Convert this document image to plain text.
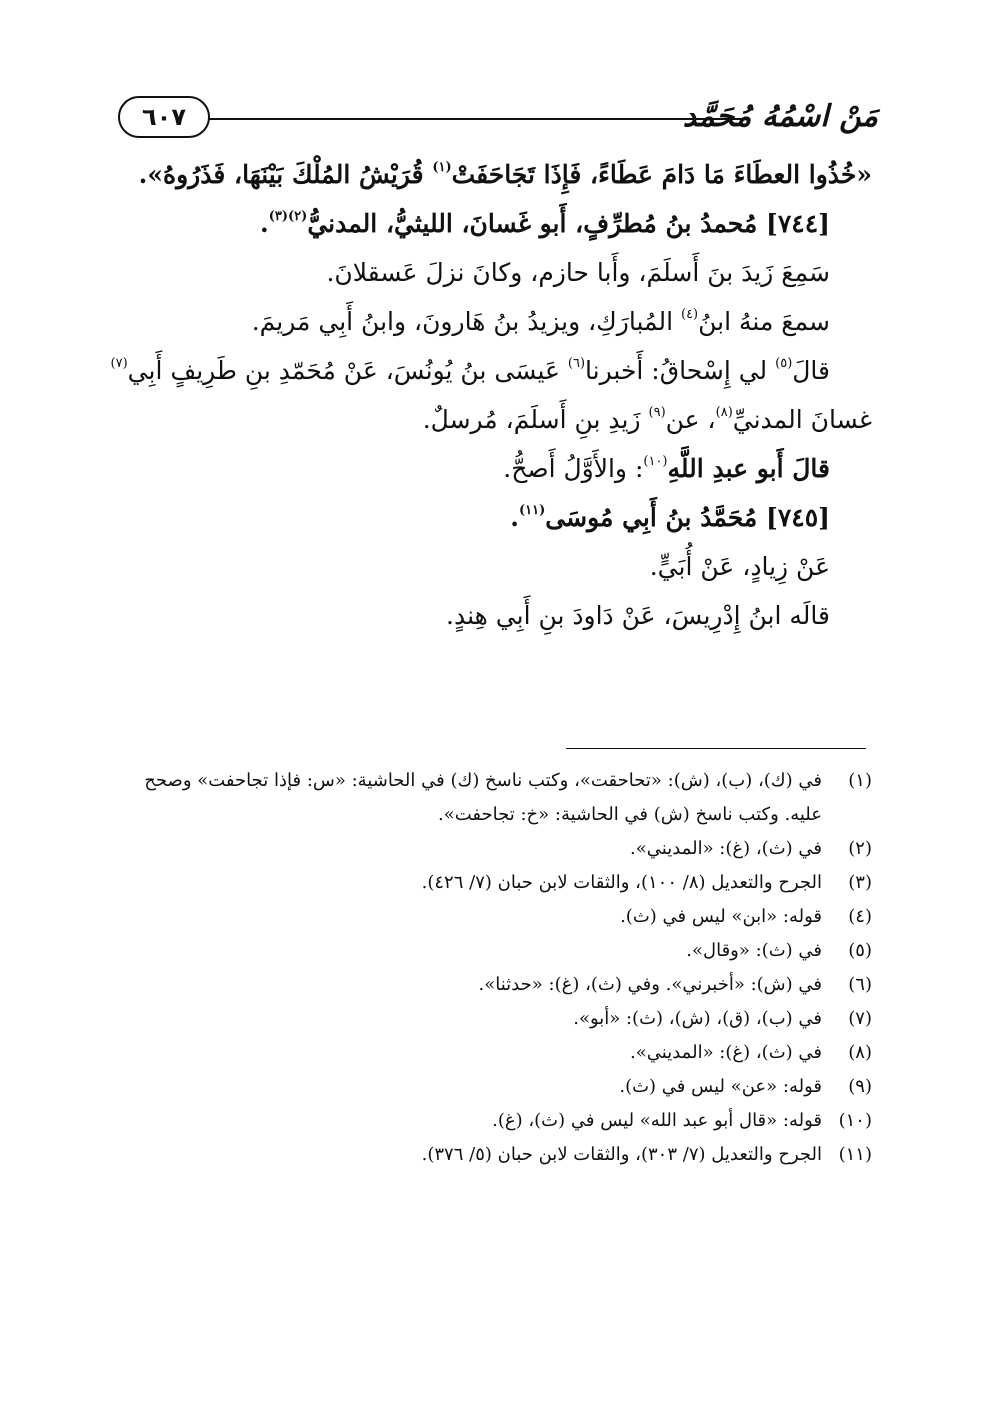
٦٠٧	مَنْ اسْمُهُ مُحَمَّد
«خُذُوا العطَاءَ مَا دَامَ عَطَاءً، فَإِذَا تَجَاحَفَتْ$^{(١)}$ قُرَيْشُ المُلْكَ بَيْنَهَا، فَذَرُوهُ».
[٧٤٤] مُحمدُ بنُ مُطرِّفٍ، أَبو غَسانَ، الليثيُّ، المدنيُّ$^{(٢)(٣)}$.
سَمِعَ زَيدَ بنَ أَسلَمَ، وأَبا حازم، وكانَ نزلَ عَسقلانَ.
سمعَ منهُ ابنُ$^{(٤)}$ المُبارَكِ، ويزيدُ بنُ هَارونَ، وابنُ أَبِي مَريمَ.
قالَ$^{(٥)}$ لي إِسْحاقُ: أَخبرنا$^{(٦)}$ عَيسَى بنُ يُونُسَ، عَنْ مُحَمّدِ بنِ طَرِيفٍ أَبِي$^{(٧)}$
غسانَ المدنيِّ$^{(٨)}$، عن$^{(٩)}$ زَيدِ بنِ أَسلَمَ، مُرسلٌ.
قالَ أَبو عبدِ اللَّهِ$^{(١٠)}$: والأَوَّلُ أَصحُّ.
[٧٤٥] مُحَمَّدُ بنُ أَبِي مُوسَى$^{(١١)}$.
عَنْ زِيادٍ، عَنْ أُبَيٍّ.
قالَه ابنُ إِدْرِيسَ، عَنْ دَاودَ بنِ أَبِي هِندٍ.
(١)
في (ك)، (ب)، (ش): «تحاحقت»، وكتب ناسخ (ك) في الحاشية: «س: فإذا تجاحفت» وصحح عليه. وكتب ناسخ (ش) في الحاشية: «خ: تجاحفت».
(٢)
في (ث)، (غ): «المديني».
(٣)
الجرح والتعديل (٨/ ١٠٠)، والثقات لابن حبان (٧/ ٤٢٦).
(٤)
قوله: «ابن» ليس في (ث).
(٥)
في (ث): «وقال».
(٦)
في (ش): «أخبرني». وفي (ث)، (غ): «حدثنا».
(٧)
في (ب)، (ق)، (ش)، (ث): «أبو».
(٨)
في (ث)، (غ): «المديني».
(٩)
قوله: «عن» ليس في (ث).
(١٠)
قوله: «قال أبو عبد الله» ليس في (ث)، (غ).
(١١)
الجرح والتعديل (٧/ ٣٠٣)، والثقات لابن حبان (٥/ ٣٧٦).
